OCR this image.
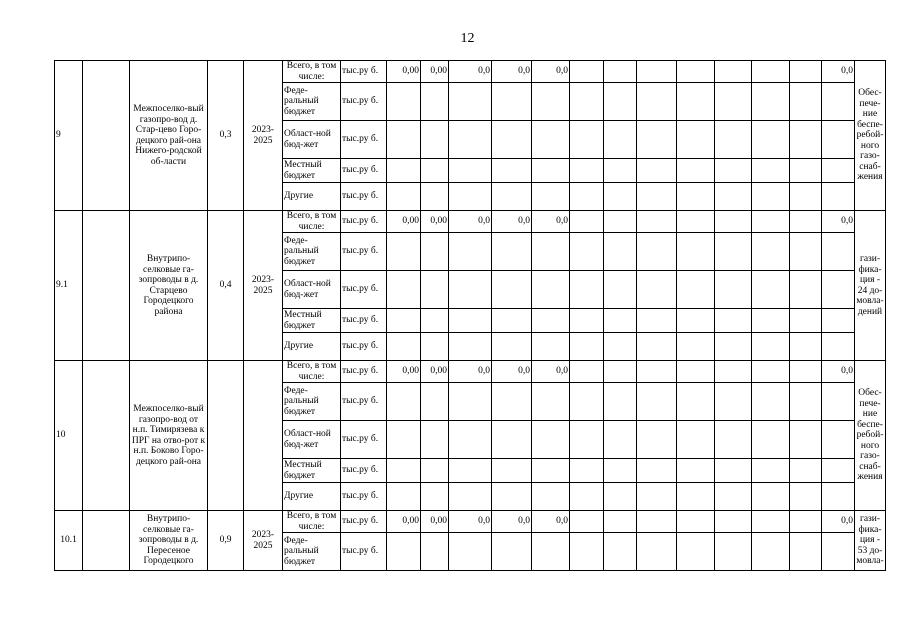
12
9		Межпоселко-вый газопро-вод д. Стар-цево Горо-децкого рай-она Нижего-родской об-ласти	0,3	2023-2025	Всего, в том числе:	тыс.ру б.	0,00	0,00	0,0	0,0	0,0								0,0	Обес-пече-ние беспе-ребой-ного газо-снаб-жения
					Феде-ральный бюджет	тыс.ру б.														
					Област-ной бюд-жет	тыс.ру б.														
					Местный бюджет	тыс.ру б.														
					Другие	тыс.ру б.														
9.1		Внутрипо-селковые га-зопроводы в д. Старцево Городецкого района	0,4	2023-2025	Всего, в том числе:	тыс.ру б.	0,00	0,00	0,0	0,0	0,0								0,0	гази-фика-ция - 24 до-мовла-дений
					Феде-ральный бюджет	тыс.ру б.														
					Област-ной бюд-жет	тыс.ру б.														
					Местный бюджет	тыс.ру б.														
					Другие	тыс.ру б.														
10		Межпоселко-вый газопро-вод от н.п. Тимирязева к ПРГ на отво-рот к н.п. Боково Горо-децкого рай-она			Всего, в том числе:	тыс.ру б.	0,00	0,00	0,0	0,0	0,0								0,0	Обес-пече-ние беспе-ребой-ного газо-снаб-жения
					Феде-ральный бюджет	тыс.ру б.														
					Област-ной бюд-жет	тыс.ру б.														
					Местный бюджет	тыс.ру б.														
					Другие	тыс.ру б.														
10.1		Внутрипо-селковые га-зопроводы в д. Пересеное Городецкого	0,9	2023-2025	Всего, в том числе:	тыс.ру б.	0,00	0,00	0,0	0,0	0,0								0,0	гази-фика-ция - 53 до-мовла-
					Феде-ральный бюджет	тыс.ру б.														
